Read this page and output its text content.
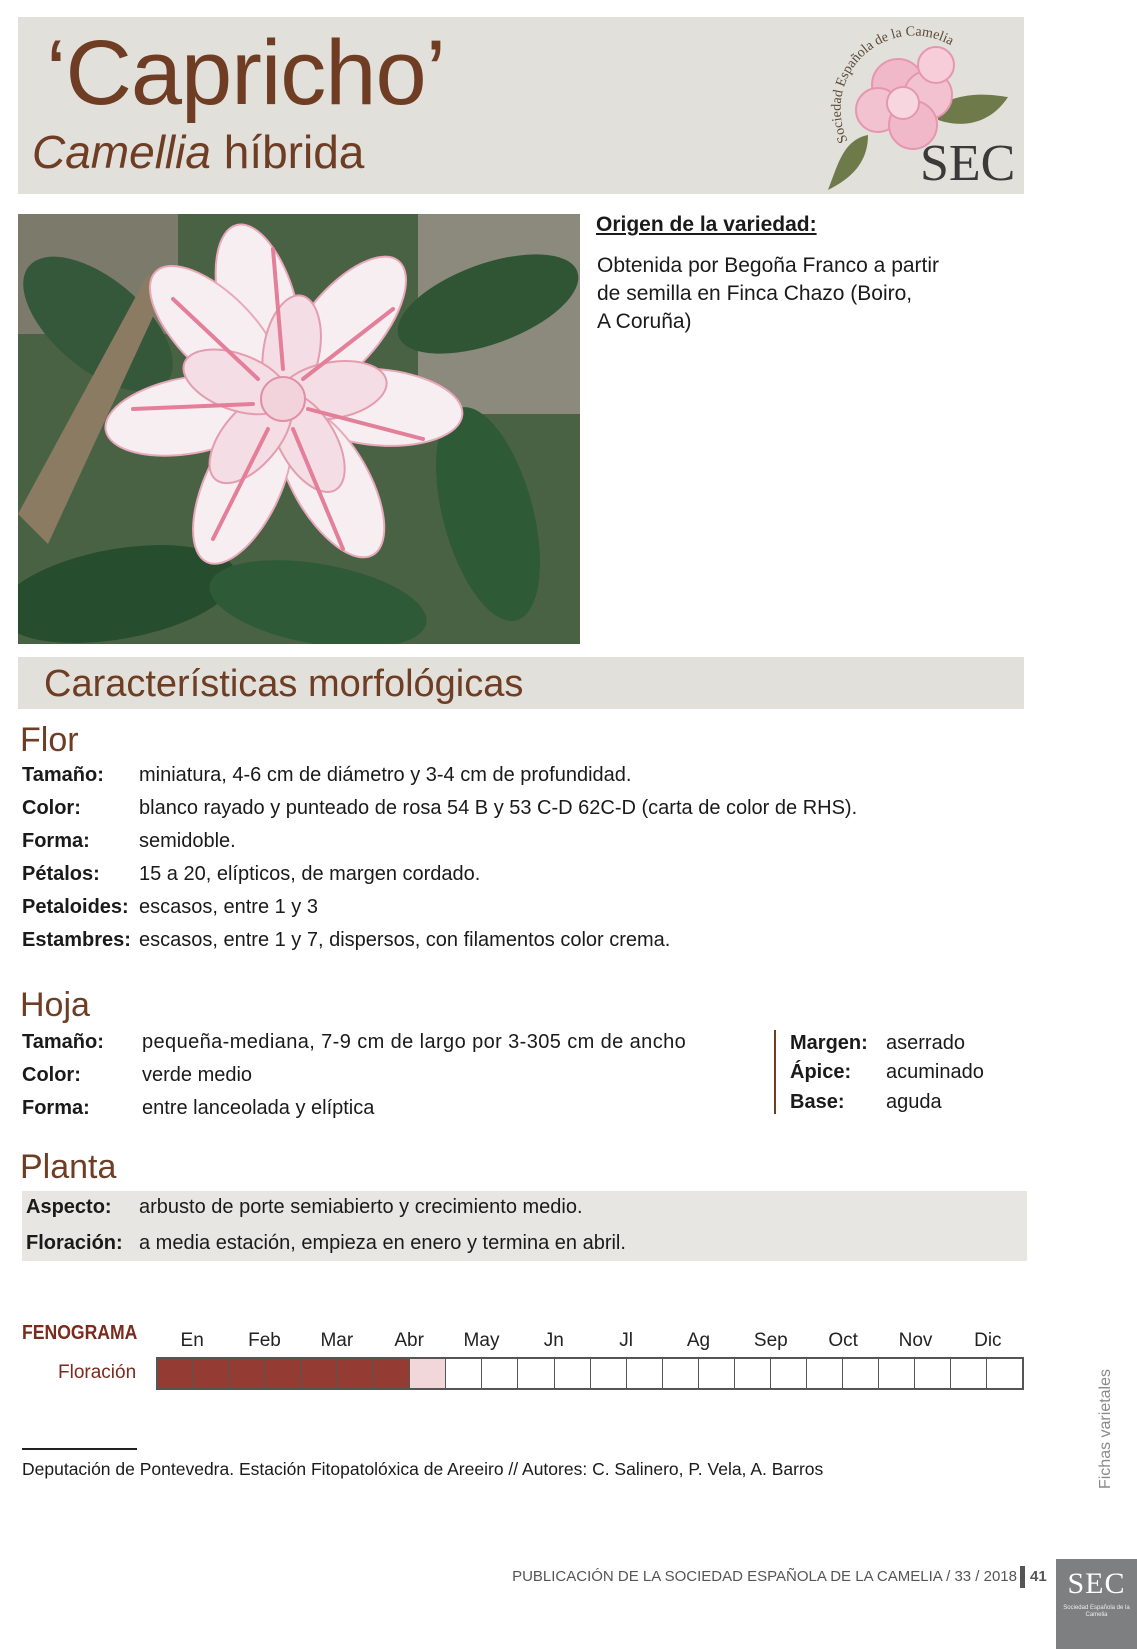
‘Capricho’
Camellia híbrida	Sociedad Española de la Camelia
SEC
Origen de la variedad:
Obtenida por Begoña Franco a partir
de semilla en Finca Chazo (Boiro,
A Coruña)
Características morfológicas
Flor
Tamaño: miniatura, 4-6 cm de diámetro y 3-4 cm de profundidad.
Color:	blanco rayado y punteado de rosa 54 B y 53 C-D 62C-D (carta de color de RHS).
Forma: semidoble.
Pétalos: 15 a 20, elípticos, de margen cordado.
Petaloides: escasos, entre 1 y 3
Estambres: escasos, entre 1 y 7, dispersos, con filamentos color crema.
Hoja
Tamaño: pequeña-mediana, 7-9 cm de largo por 3-305 cm de ancho
Color:	verde medio
Forma:	entre lanceolada y elíptica
Margen: aserrado
Ápice: acuminado
Base: aguda
Planta
Aspecto: arbusto de porte semiabierto y crecimiento medio.
Floración: a media estación, empieza en enero y termina en abril.
FENOGRAMA
Floración
En	Feb	Mar	Abr	May	Jn	Jl	Ag	Sep	Oct	Nov	Dic
Deputación de Pontevedra. Estación Fitopatolóxica de Areeiro // Autores: C. Salinero, P. Vela, A. Barros	Fichas varietales
PUBLICACIÓN DE LA SOCIEDAD ESPAÑOLA DE LA CAMELIA / 33 / 2018 41 SEC
Sociedad Española de la Camelia
